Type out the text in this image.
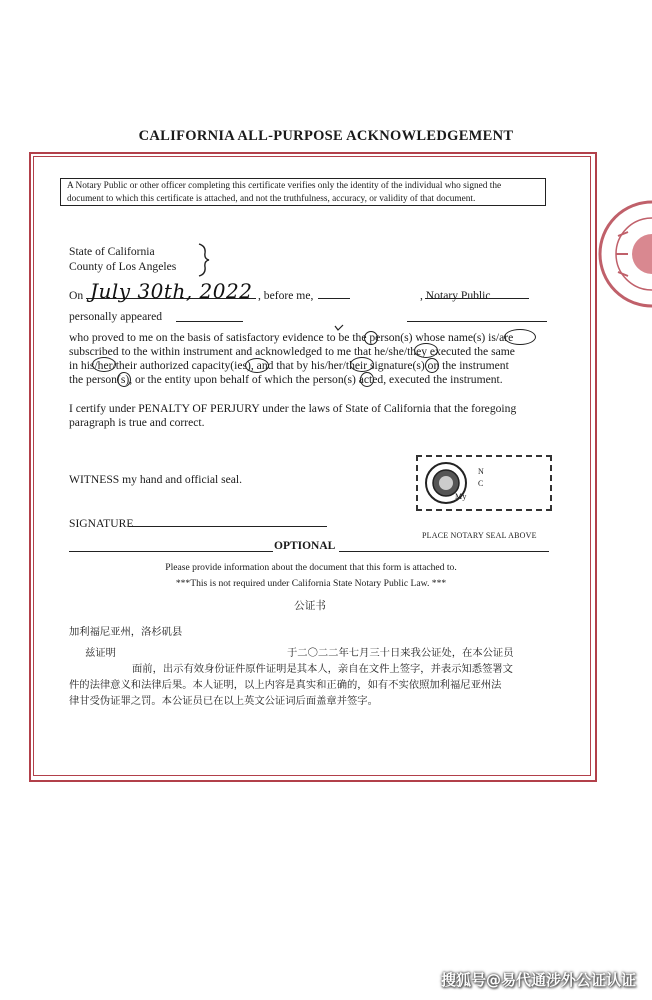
CALIFORNIA ALL-PURPOSE ACKNOWLEDGEMENT
A Notary Public or other officer completing this certificate verifies only the identity of the individual who signed the document to which this certificate is attached, and not the truthfulness, accuracy, or validity of that document.
State of California
County of Los Angeles
On July 30th, 2022 , before me,	, Notary Public
personally appeared
who proved to me on the basis of satisfactory evidence to be the person(s) whose name(s) is/are
subscribed to the within instrument and acknowledged to me that he/she/they executed the same
in his/her/their authorized capacity(ies), and that by his/her/their signature(s) on the instrument
the person(s), or the entity upon behalf of which the person(s) acted, executed the instrument.
I certify under PENALTY OF PERJURY under the laws of State of California that the foregoing
paragraph is true and correct.
WITNESS my hand and official seal.
N
C
My
SIGNATURE
PLACE NOTARY SEAL ABOVE
OPTIONAL
Please provide information about the document that this form is attached to.
***This is not required under California State Notary Public Law. ***
公证书
加利福尼亚州，洛杉矶县
兹证明	于二〇二二年七月三十日来我公证处，在本公证员
面前，出示有效身份证件原件证明是其本人，亲自在文件上签字，并表示知悉签署文
件的法律意义和法律后果。本人证明，以上内容是真实和正确的，如有不实依照加利福尼亚州法
律甘受伪证罪之罚。本公证员已在以上英文公证词后面盖章并签字。
搜狐号@易代通涉外公证认证
